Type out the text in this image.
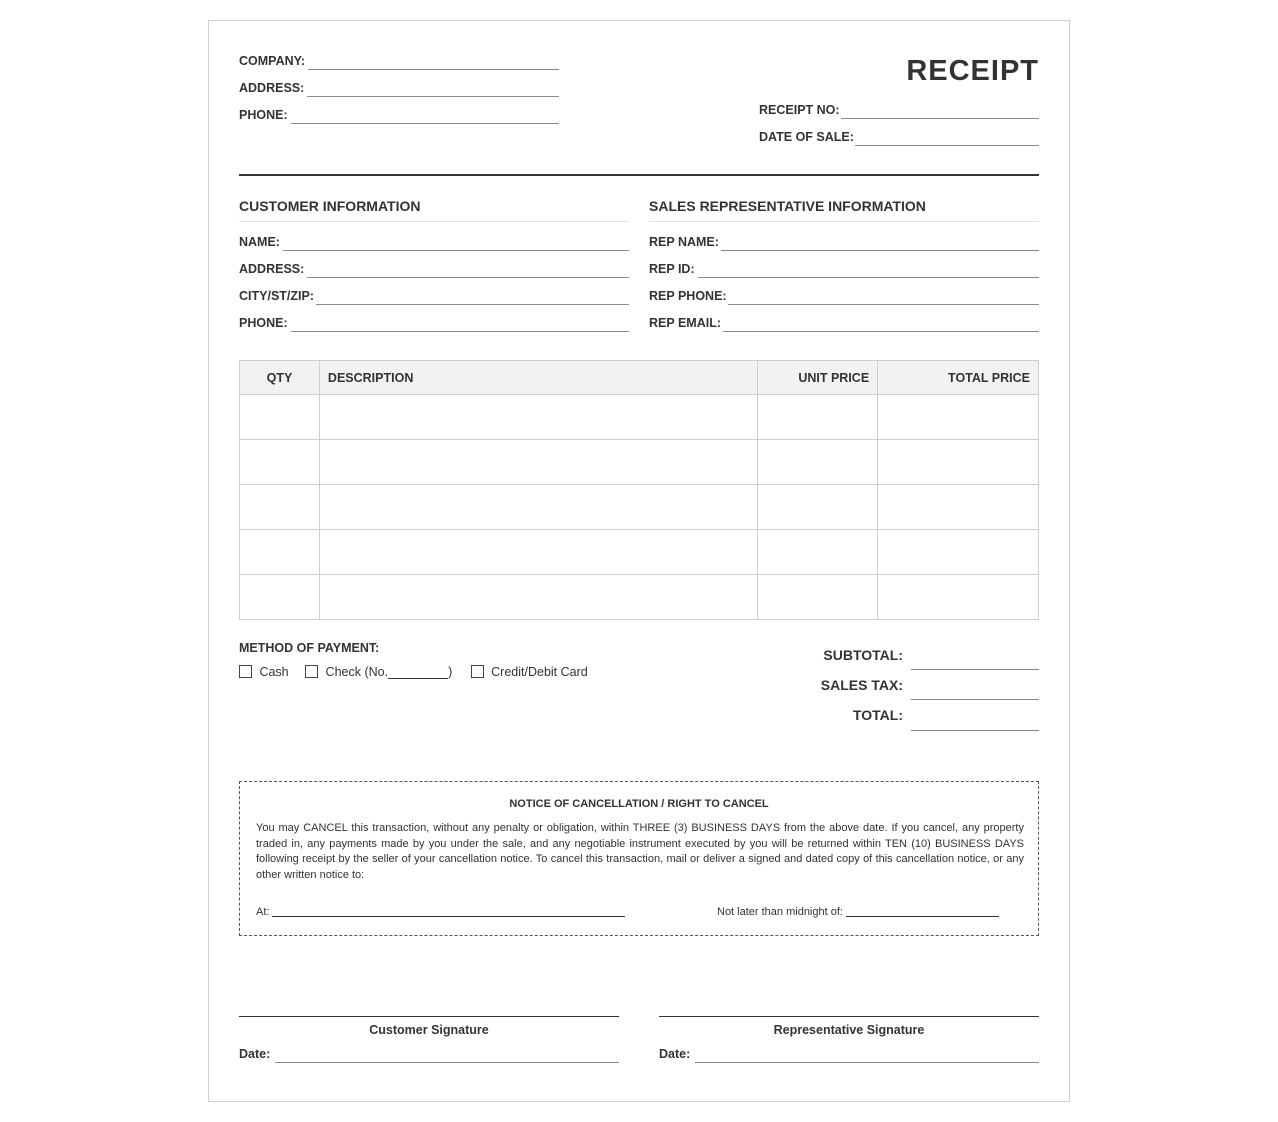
COMPANY:
ADDRESS:
PHONE:
RECEIPT
RECEIPT NO:
DATE OF SALE:
CUSTOMER INFORMATION
NAME:
ADDRESS:
CITY/ST/ZIP:
PHONE:
SALES REPRESENTATIVE INFORMATION
REP NAME:
REP ID:
REP PHONE:
REP EMAIL:
QTY	DESCRIPTION	UNIT PRICE	TOTAL PRICE

METHOD OF PAYMENT:
Cash	Check (No.	)	Credit/Debit Card
SUBTOTAL:
SALES TAX:
TOTAL:
NOTICE OF CANCELLATION / RIGHT TO CANCEL
You may CANCEL this transaction, without any penalty or obligation, within THREE (3) BUSINESS DAYS from the above date. If you cancel, any property traded in, any payments made by you under the sale, and any negotiable instrument executed by you will be returned within TEN (10) BUSINESS DAYS following receipt by the seller of your cancellation notice. To cancel this transaction, mail or deliver a signed and dated copy of this cancellation notice, or any other written notice to:
At:	Not later than midnight of:
Customer Signature
Date:
Representative Signature
Date:
